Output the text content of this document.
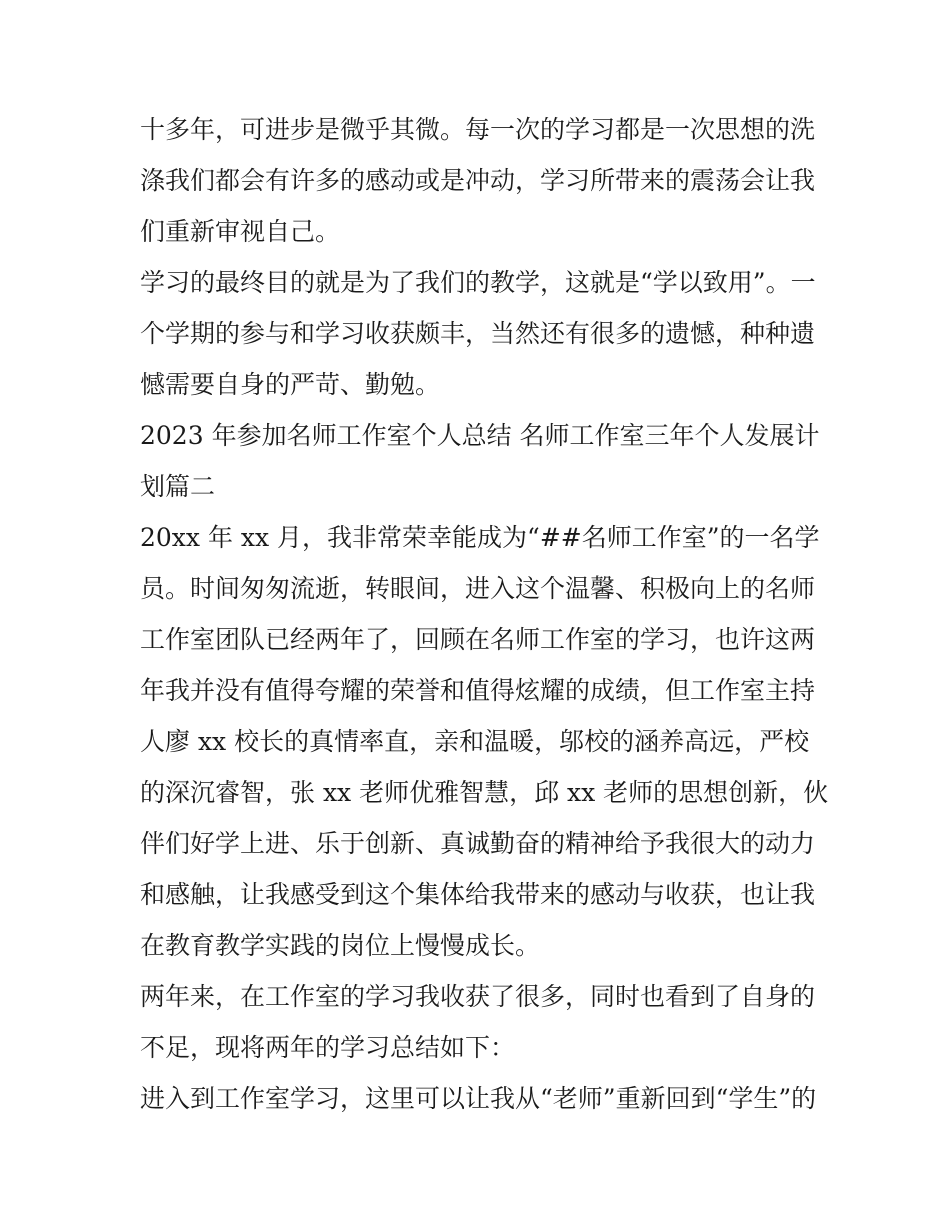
十多年，可进步是微乎其微。每一次的学习都是一次思想的洗
涤我们都会有许多的感动或是冲动，学习所带来的震荡会让我
们重新审视自己。
学习的最终目的就是为了我们的教学，这就是“学以致用”。一
个学期的参与和学习收获颇丰，当然还有很多的遗憾，种种遗
憾需要自身的严苛、勤勉。
2023 年参加名师工作室个人总结 名师工作室三年个人发展计
划篇二
20xx 年 xx 月，我非常荣幸能成为“##名师工作室”的一名学
员。时间匆匆流逝，转眼间，进入这个温馨、积极向上的名师
工作室团队已经两年了，回顾在名师工作室的学习，也许这两
年我并没有值得夸耀的荣誉和值得炫耀的成绩，但工作室主持
人廖 xx 校长的真情率直，亲和温暖，邬校的涵养高远，严校
的深沉睿智，张 xx 老师优雅智慧，邱 xx 老师的思想创新，伙
伴们好学上进、乐于创新、真诚勤奋的精神给予我很大的动力
和感触，让我感受到这个集体给我带来的感动与收获，也让我
在教育教学实践的岗位上慢慢成长。
两年来，在工作室的学习我收获了很多，同时也看到了自身的
不足，现将两年的学习总结如下：
进入到工作室学习，这里可以让我从“老师”重新回到“学生”的
